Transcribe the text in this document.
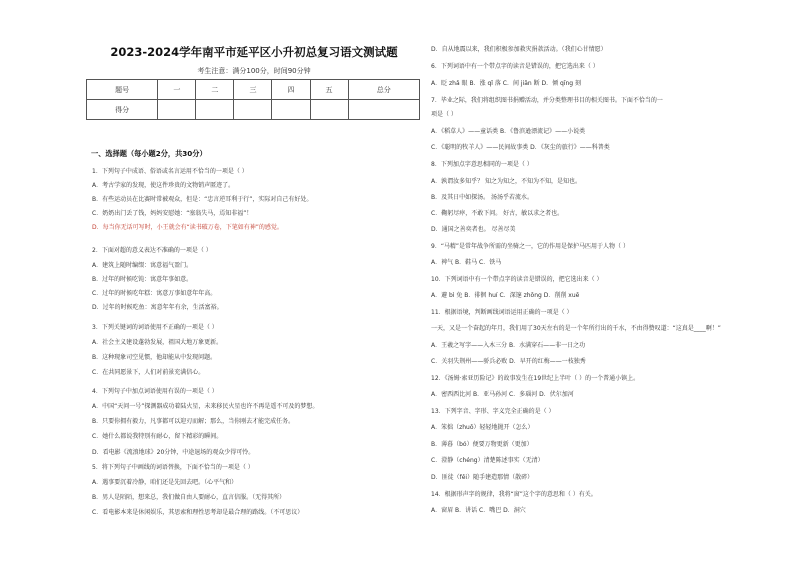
2023-2024学年南平市延平区小升初总复习语文测试题
考生注意：满分100分，时间90分钟
题号	一	二	三	四	五	总分
得分						
一、选择题（每小题2分，共30分）
1．下列句子中成语、俗语或名言运用不恰当的一项是（ ）
A．考古学家的发现，使这件珍贵的文物销声匿迹了。
B．有些运动员在比赛时常被观众，但是：“忠言逆耳利于行”，实际对自己有好处。
C．奶奶出门丢了钱，妈妈安慰她：“塞翁失马，焉知非福”！
D．每当你无话可写时，小王就会有“读书破万卷，下笔如有神”的感觉。
2．下面对超的意义表达不准确的一项是（ ）
A．建筑上随时编缀：寓意福气盈门。
B．过年的时候吃饨：寓意年事如意。
C．过年的时候吃年糕：寓意万事如意年年高。
D．过年的时候吃鱼：寓意年年有余，生活富裕。
3．下列关键词的词语使用不正确的一项是（ ）
A．社会主义建设蓬勃发展，祖国大地万象更新。
B．这种现象司空见惯，他却能从中发现问题。
C．在共同愿景下，人们对前景充满信心。
4．下列句子中加点词语使用有误的一项是（ ）
A．中国“天问一号”探测器成功着陆火星，未来移民火星也许不再是遥不可及的梦想。
B．只要你拥有毅力，凡事都可以迎刃而解；那么，当你刚去才能完成任务。
C．她什么都说我特别有耐心，留下精彩的瞬间。
D．看电影《流浪地球》20分钟，中途退场的观众少得可怜。
5．将下列句子中画线的词语替换，下面不恰当的一项是（ ）
A．遇事要沉着冷静，咱们还是先回去吧。（心平气和）
B．男人是陌陌，想来总，我们做自由人要耐心，直言信服。（无得其所）
C．看电影本来是休闲娱乐，其思索和理性思考却是最合理的路线。（不可思议）
D．自从地震以来，我们积极参加救灾捐款活动。（我们心甘情愿）
6．下列词语中有一个带点字的读音是错误的，把它选出来（ ）
A．眨 zhǎ 眼 B．涨 qǐ 落 C．间 jiān 断 D．倾 qīng 刻
7．毕业之际，我们将组织图书捐赠活动，并分类整理书目的相关图书。下面不恰当的一
项是（ ）
A．《稻草人》——童话类 B．《鲁滨逊漂流记》——小说类
C．《聪明的牧羊人》——民间故事类 D．《灰尘的旅行》——科普类
8．下列加点字意思相同的一项是（ ）
A．孰谓汝多知乎？ 知之为知之，不知为不知，是知也。
B．及其日中如探汤。 汤汤乎若流水。
C．鞠躬尽瘁，不敢下问。 好古，敏以求之者也。
D．通国之善奕者也。 尽善尽美
9．“马精”是常年战争所需的坐骑之一，它的作用是保护马匹用于人物（ ）
A．裨气 B．鞋马 C．铁马
10．下列词语中有一个带点字的读音是错误的，把它选出来（ ）
A．避 bì 免 B．徘徊 huí C．深邃 zhōng D．削削 xuē
11．根据语境，判断画线词语运用正确的一项是（ ）
一天，又是一个奋起的年月，我们用了30天左右的是一个年所行出的千水，不由得赞叹道：“这真是____啊！”
A．王羲之写字——入木三分 B．水满穿石——非一日之功
C．关羽失荆州——骄兵必败 D．早开的红梅——一枝独秀
12．《汤姆·索亚历险记》的故事发生在19世纪上半叶（ ）的一个普通小镇上。
A．密西西比河 B．亚马孙河 C．多瑙河 D．伏尔加河
13．下列字音、字形、字义完全正确的是（ ）
A．笨拙（zhuō）轻轻地抛开（怎么）
B．薄暮（bó）便要万物更新（更加）
C．澄静（chéng）清楚陈述事实（无清）
D．匪徒（fěi）随手建造那情（散碎）
14．根据形声字的规律，我将“窗”这个字的意思和（ ）有关。
A．窗眉 B．讲话 C．嘴巴 D．洞穴
